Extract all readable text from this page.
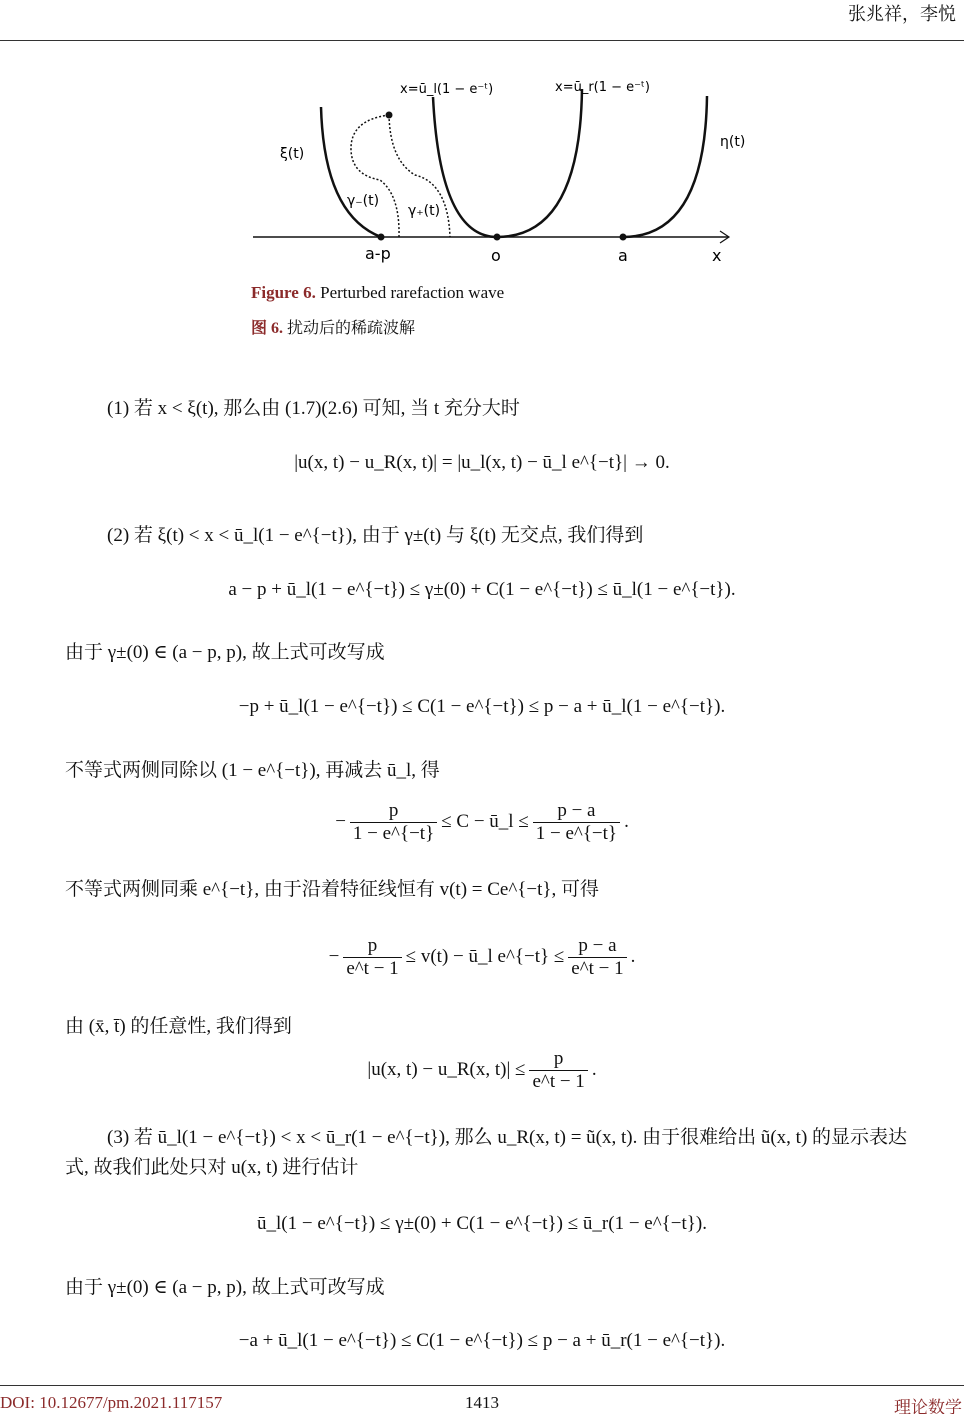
张兆祥，李悦
ξ(t)
η(t)
γ₋(t)
γ₊(t)
x=ū_l(1 − e⁻ᵗ)	x=ū_r(1 − e⁻ᵗ)
a-p	o	a	x
Figure 6. Perturbed rarefaction wave
图 6. 扰动后的稀疏波解
(1) 若 x < ξ(t), 那么由 (1.7)(2.6) 可知, 当 t 充分大时
|u(x, t) − u_R(x, t)| = |u_l(x, t) − ū_l e^{−t}| → 0.
(2) 若 ξ(t) < x < ū_l(1 − e^{−t}), 由于 γ±(t) 与 ξ(t) 无交点, 我们得到
a − p + ū_l(1 − e^{−t}) ≤ γ±(0) + C(1 − e^{−t}) ≤ ū_l(1 − e^{−t}).
由于 γ±(0) ∈ (a − p, p), 故上式可改写成
−p + ū_l(1 − e^{−t}) ≤ C(1 − e^{−t}) ≤ p − a + ū_l(1 − e^{−t}).
不等式两侧同除以 (1 − e^{−t}), 再减去 ū_l, 得
− $\frac{p}{1 - e\^{}\{-t\}} \le C$ − ū_l ≤ $\frac{p - a}{1 - e\^{}\{-t\}}$ .
不等式两侧同乘 e^{−t}, 由于沿着特征线恒有 v(t) = Ce^{−t}, 可得
− $\frac{p}{e\^{}t - 1} \le v(t)$ − ū_l e^{−t} ≤ $\frac{p - a}{e\^{}t - 1}$ .
由 (x̄, t̄) 的任意性, 我们得到
|u(x, t) − u_R(x, $t)| \le \frac{p}{e\^{}t - 1}$ .
(3) 若 ū_l(1 − e^{−t}) < x < ū_r(1 − e^{−t}), 那么 u_R(x, t) = ũ(x, t). 由于很难给出 ũ(x, t) 的显示表达
式, 故我们此处只对 u(x, t) 进行估计
ū_l(1 − e^{−t}) ≤ γ±(0) + C(1 − e^{−t}) ≤ ū_r(1 − e^{−t}).
由于 γ±(0) ∈ (a − p, p), 故上式可改写成
−a + ū_l(1 − e^{−t}) ≤ C(1 − e^{−t}) ≤ p − a + ū_r(1 − e^{−t}).
DOI: 10.12677/pm.2021.117157	1413	理论数学
